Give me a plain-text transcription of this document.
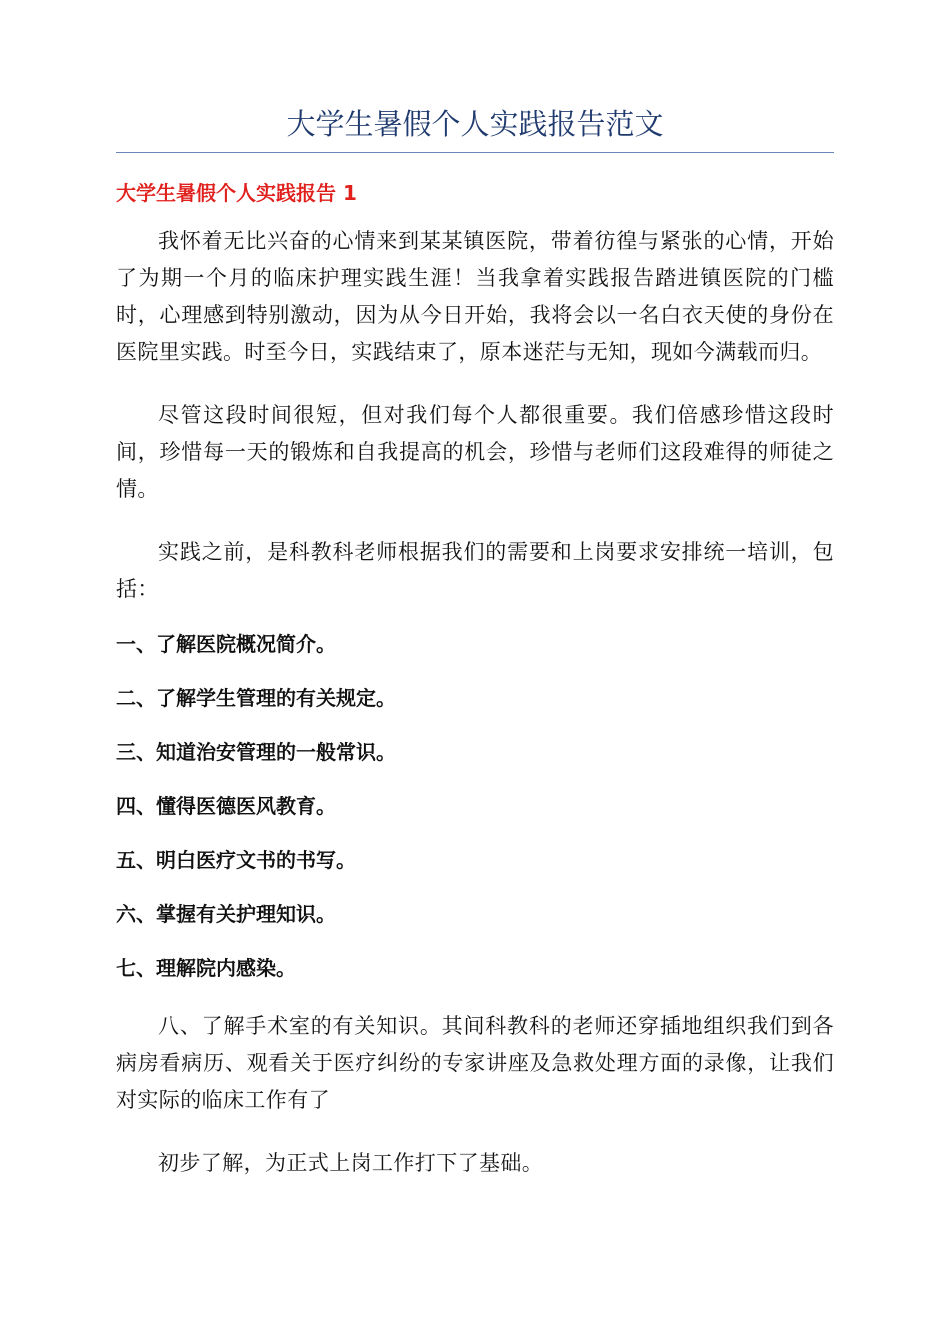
大学生暑假个人实践报告范文
大学生暑假个人实践报告 1

我怀着无比兴奋的心情来到某某镇医院，带着彷徨与紧张的心情，开始了为期一个月的临床护理实践生涯！当我拿着实践报告踏进镇医院的门槛时，心理感到特别激动，因为从今日开始，我将会以一名白衣天使的身份在医院里实践。时至今日，实践结束了，原本迷茫与无知，现如今满载而归。

尽管这段时间很短，但对我们每个人都很重要。我们倍感珍惜这段时间，珍惜每一天的锻炼和自我提高的机会，珍惜与老师们这段难得的师徒之情。

实践之前，是科教科老师根据我们的需要和上岗要求安排统一培训，包括：

一、了解医院概况简介。
二、了解学生管理的有关规定。
三、知道治安管理的一般常识。
四、懂得医德医风教育。
五、明白医疗文书的书写。
六、掌握有关护理知识。
七、理解院内感染。

八、了解手术室的有关知识。其间科教科的老师还穿插地组织我们到各病房看病历、观看关于医疗纠纷的专家讲座及急救处理方面的录像，让我们对实际的临床工作有了

初步了解，为正式上岗工作打下了基础。
